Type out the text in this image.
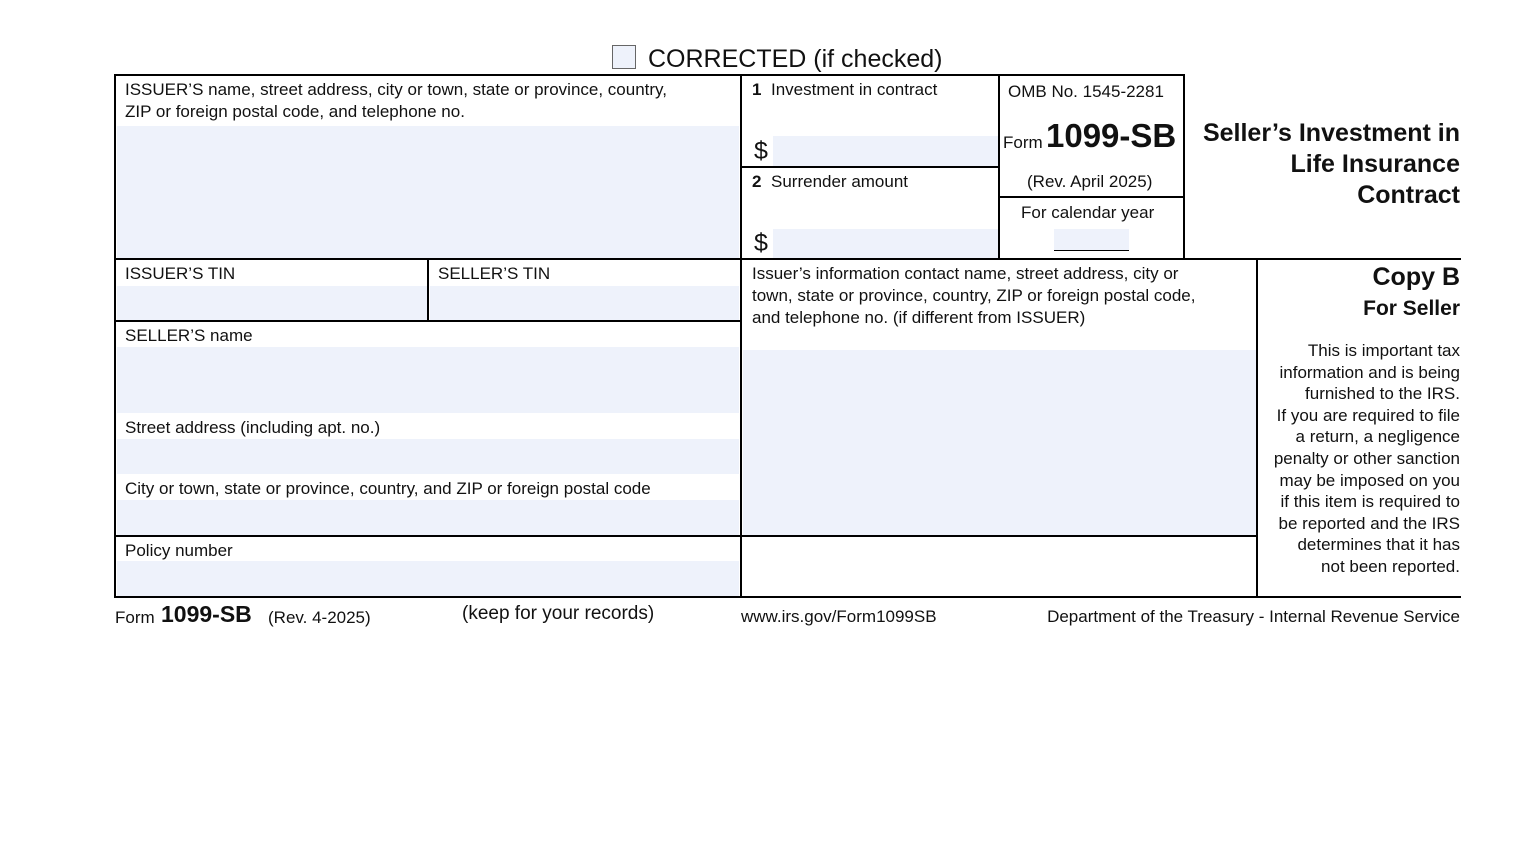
CORRECTED (if checked)
ISSUER’S name, street address, city or town, state or province, country,
ZIP or foreign postal code, and telephone no.
1 Investment in contract
$
2 Surrender amount
$
OMB No. 1545-2281
Form 1099-SB
(Rev. April 2025)
For calendar year
Seller’s Investment in
Life Insurance
Contract
ISSUER’S TIN	SELLER’S TIN
SELLER’S name
Street address (including apt. no.)
City or town, state or province, country, and ZIP or foreign postal code
Policy number
Issuer’s information contact name, street address, city or
town, state or province, country, ZIP or foreign postal code,
and telephone no. (if different from ISSUER)
Copy B
For Seller
This is important tax
information and is being
furnished to the IRS.
If you are required to file
a return, a negligence
penalty or other sanction
may be imposed on you
if this item is required to
be reported and the IRS
determines that it has
not been reported.
Form 1099-SB (Rev. 4-2025)	(keep for your records)	www.irs.gov/Form1099SB	Department of the Treasury - Internal Revenue Service
